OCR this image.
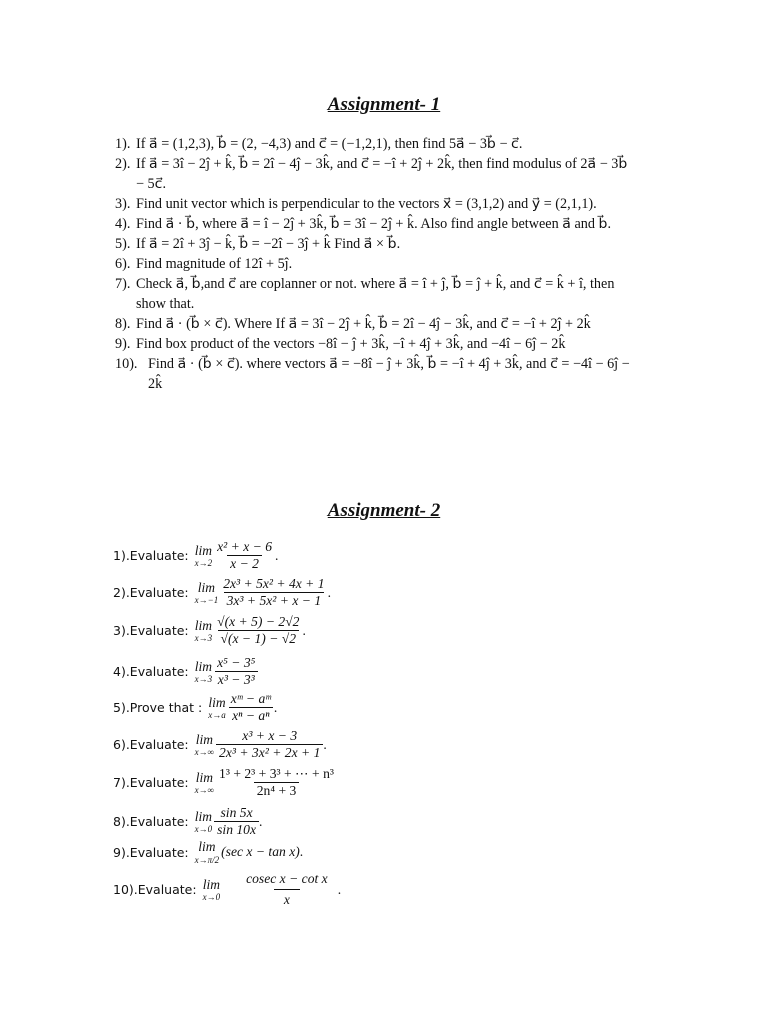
Assignment- 1
1). If a⃗ = (1,2,3), b⃗ = (2, −4,3) and c⃗ = (−1,2,1), then find 5a⃗ − 3b⃗ − c⃗.
2). If a⃗ = 3î − 2ĵ + k̂, b⃗ = 2î − 4ĵ − 3k̂, and c⃗ = −î + 2ĵ + 2k̂, then find modulus of 2a⃗ − 3b⃗ − 5c⃗.
3). Find unit vector which is perpendicular to the vectors x⃗ = (3,1,2) and y⃗ = (2,1,1).
4). Find a⃗ · b⃗, where a⃗ = î − 2ĵ + 3k̂, b⃗ = 3î − 2ĵ + k̂. Also find angle between a⃗ and b⃗.
5). If a⃗ = 2î + 3ĵ − k̂, b⃗ = −2î − 3ĵ + k̂ Find a⃗ × b⃗.
6). Find magnitude of 12î + 5ĵ.
7). Check a⃗, b⃗,and c⃗ are coplanner or not. where a⃗ = î + ĵ, b⃗ = ĵ + k̂, and c⃗ = k̂ + î, then show that.
8). Find a⃗ · (b⃗ × c⃗). Where If a⃗ = 3î − 2ĵ + k̂, b⃗ = 2î − 4ĵ − 3k̂, and c⃗ = −î + 2ĵ + 2k̂
9). Find box product of the vectors −8î − ĵ + 3k̂, −î + 4ĵ + 3k̂, and −4î − 6ĵ − 2k̂
10). Find a⃗ · (b⃗ × c⃗). where vectors a⃗ = −8î − ĵ + 3k̂, b⃗ = −î + 4ĵ + 3k̂, and c⃗ = −4î − 6ĵ − 2k̂
Assignment- 2
1).Evaluate: lim
$x\to 2 \frac{\text{x² + x − 6}}{x - 2}$ .
2).Evaluate: lim
$x\to-1 \frac{\text{2x³ + 5x² + 4x + 1}}{\text{3x³ + 5x² + x − 1}}$ .
3).Evaluate: lim
$x\to 3 \frac{√(x + 5) - 2√2}{√(x - 1) - √2}$ .
4).Evaluate: lim
$x\to 3 \frac{\text{x⁵ − 3⁵}}{\text{x³ − 3³}}$
5).Prove that : lim
$x\to a \frac{\text{xᵐ − aᵐ}}{\text{xⁿ − aⁿ}}$ .
6).Evaluate: lim
$x\to\infty \frac{\text{x³ + x − 3}}{\text{2x³ + 3x² + 2x + 1}}$ .
7).Evaluate: lim
$x\to\infty \frac{\text{1³ + 2³ + 3³ + ⋯ + n³}}{\text{2n⁴ + 3}}$
8).Evaluate: lim
$x\to 0 \frac{\sin 5x}{\sin 10x}$ .
9).Evaluate: lim
x→π/2
(sec x − tan x) .
10).Evaluate: lim
$x\to 0 \frac{\text{cosec x − cot x}}{x}$ .
